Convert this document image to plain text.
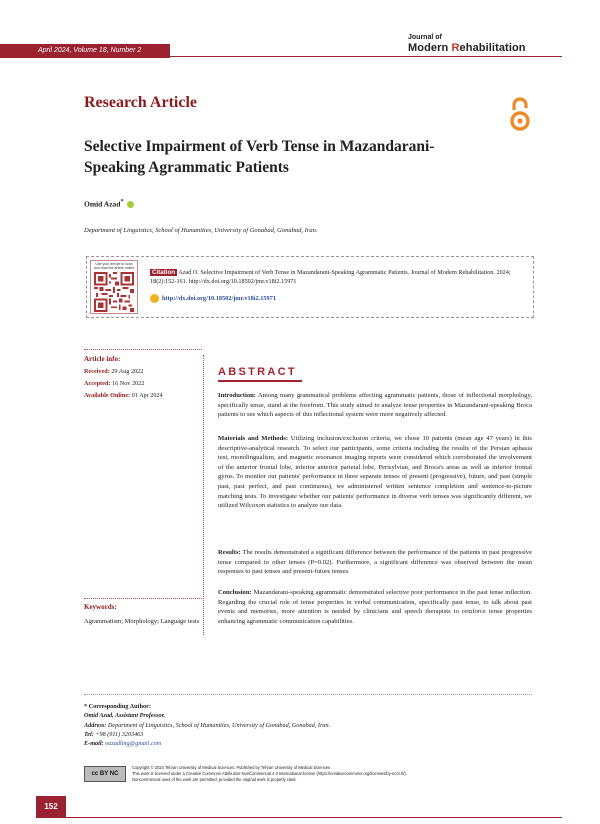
April 2024, Volume 18, Number 2
Journal of
Modern Rehabilitation
Research Article
Selective Impairment of Verb Tense in Mazandarani-Speaking Agrammatic Patients
Omid Azad*
Department of Linguistics, School of Humanities, University of Gonabad, Gonabad, Iran.
Use your device to scan and read the article online
Citation Azad O. Selective Impairment of Verb Tense in Mazandarani-Speaking Agrammatic Patients. Journal of Modern Rehabilitation. 2024; 18(2):152-161. http://dx.doi.org/10.18502/jmr.v18i2.15971
http://dx.doi.org/10.18502/jmr.v18i2.15971
Article info:
Received: 29 Aug 2022
Accepted: 16 Nov 2022
Available Online: 01 Apr 2024
Keywords:
Agrammatism; Morphology; Language tests
ABSTRACT
Introduction: Among many grammatical problems affecting agrammatic patients, those of inflectional morphology, specifically tense, stand at the forefront. This study aimed to analyze tense properties in Mazandarani-speaking Broca patients to see which aspects of this inflectional system were more negatively affected.
Materials and Methods: Utilizing inclusion/exclusion criteria, we chose 10 patients (mean age 47 years) in this descriptive-analytical research. To select our participants, some criteria including the results of the Persian aphasia test, monolingualism, and magnetic resonance imaging reports were considered which corroborated the involvement of the anterior frontal lobe, inferior anterior parietal lobe, Perisylvian, and Broca's areas as well as inferior frontal gyrus. To monitor our patients' performance in three separate tenses of present (progressive), future, and past (simple past, past perfect, and past continuous), we administered written sentence completion and sentence-to-picture matching tests. To investigate whether our patients' performance in diverse verb tenses was significantly different, we utilized Wilcoxon statistics to analyze our data.
Results: The results demonstrated a significant difference between the performance of the patients in past progressive tense compared to other tenses (P=0.02). Furthermore, a significant difference was observed between the mean responses to past tenses and present-future tenses.
Conclusion: Mazandarani-speaking agrammatic demonstrated selective poor performance in the past tense inflection. Regarding the crucial role of tense properties in verbal communication, specifically past tense, to talk about past events and memories, more attention is needed by clinicians and speech therapists to reinforce tense properties enhancing agrammatic communication capabilities.
* Corresponding Author:
Omid Azad, Assistant Professor.
Address: Department of Linguistics, School of Humanities, University of Gonabad, Gonabad, Iran.
Tel: +98 (911) 3203463
E-mail: oazadling@gmail.com
cc BY NC
Copyright © 2024 Tehran University of Medical Sciences. Published by Tehran University of Medical Sciences
This work is licensed under a Creative Commons Attribution-NonCommercial 4.0 International license (https://creativecommons.org/licenses/by-nc/4.0/).
Noncommercial uses of the work are permitted, provided the original work is properly cited.
152
